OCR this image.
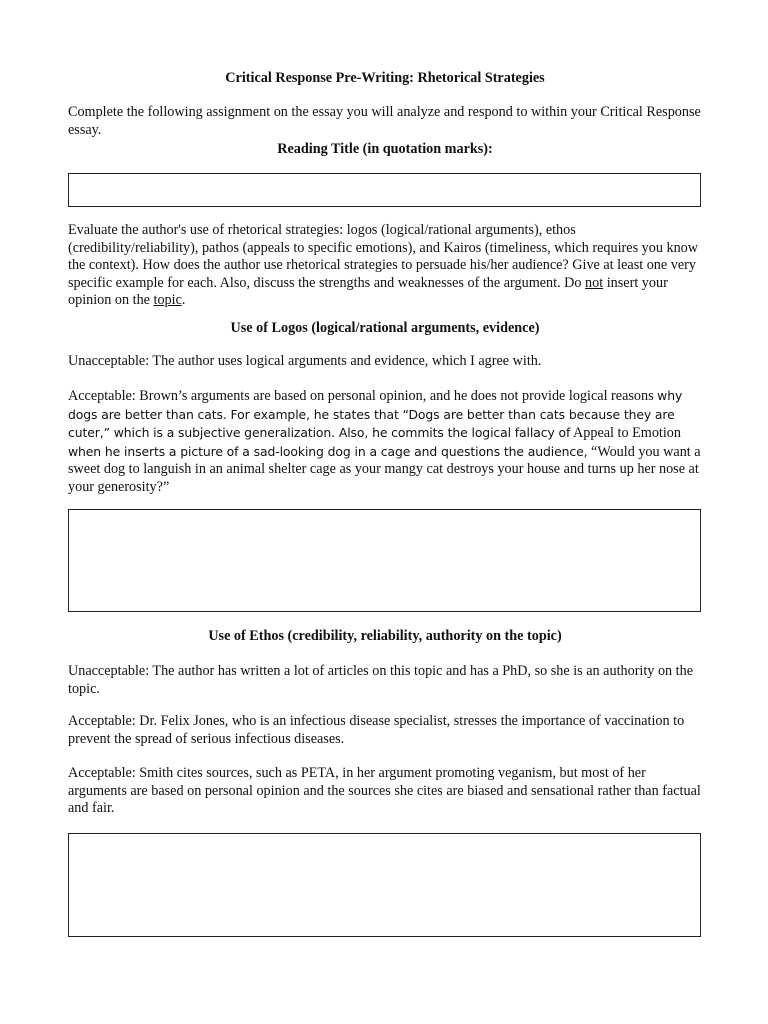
Critical Response Pre-Writing: Rhetorical Strategies

Complete the following assignment on the essay you will analyze and respond to within your Critical Response essay.

Reading Title (in quotation marks):

Evaluate the author's use of rhetorical strategies: logos (logical/rational arguments), ethos (credibility/reliability), pathos (appeals to specific emotions), and Kairos (timeliness, which requires you know the context). How does the author use rhetorical strategies to persuade his/her audience? Give at least one very specific example for each. Also, discuss the strengths and weaknesses of the argument. Do not insert your opinion on the topic.

Use of Logos (logical/rational arguments, evidence)

Unacceptable: The author uses logical arguments and evidence, which I agree with.

Acceptable: Brown’s arguments are based on personal opinion, and he does not provide logical reasons why dogs are better than cats. For example, he states that “Dogs are better than cats because they are cuter,” which is a subjective generalization. Also, he commits the logical fallacy of Appeal to Emotion when he inserts a picture of a sad-looking dog in a cage and questions the audience, “Would you want a sweet dog to languish in an animal shelter cage as your mangy cat destroys your house and turns up her nose at your generosity?”

Use of Ethos (credibility, reliability, authority on the topic)

Unacceptable: The author has written a lot of articles on this topic and has a PhD, so she is an authority on the topic.

Acceptable: Dr. Felix Jones, who is an infectious disease specialist, stresses the importance of vaccination to prevent the spread of serious infectious diseases.

Acceptable: Smith cites sources, such as PETA, in her argument promoting veganism, but most of her arguments are based on personal opinion and the sources she cites are biased and sensational rather than factual and fair.
